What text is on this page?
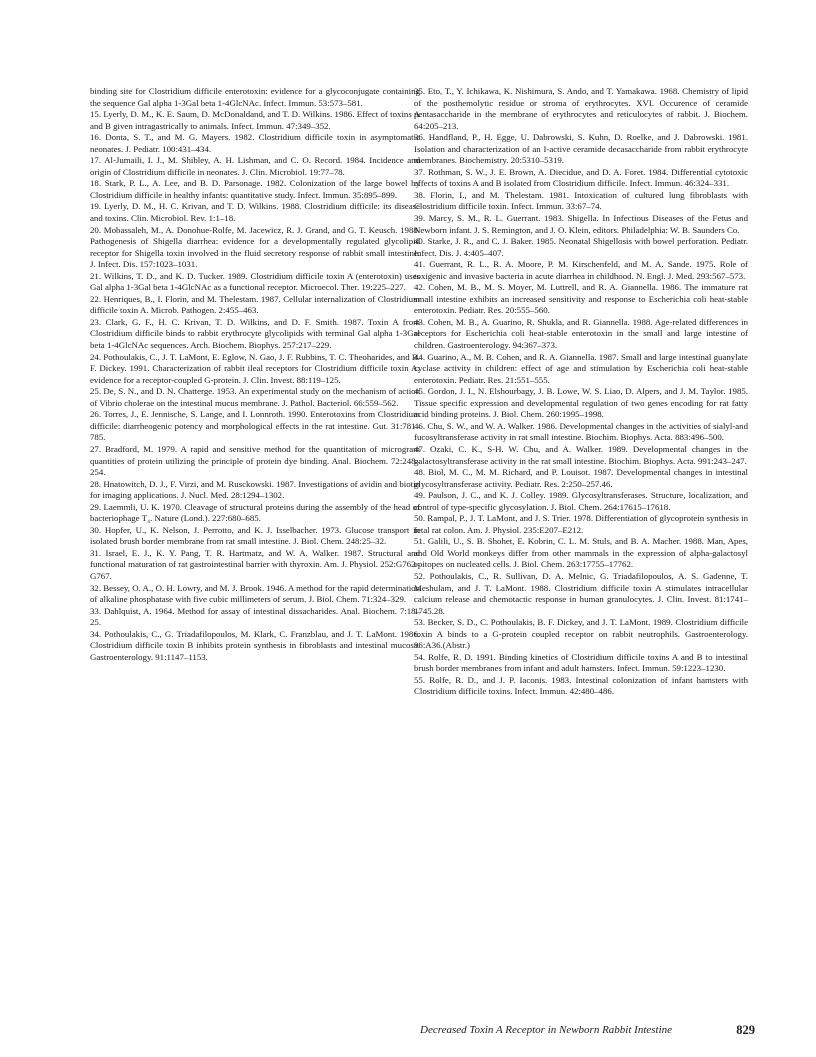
binding site for Clostridium difficile enterotoxin: evidence for a glycoconjugate containing the sequence Gal alpha 1-3Gal beta 1-4GlcNAc. Infect. Immun. 53:573–581.

15. Lyerly, D. M., K. E. Saum, D. McDonaldand, and T. D. Wilkins. 1986. Effect of toxins A and B given intragastrically to animals. Infect. Immun. 47:349–352.

16. Donta, S. T., and M. G. Mayers. 1982. Clostridium difficile toxin in asymptomatic neonates. J. Pediatr. 100:431–434.

17. Al-Jumaili, I. J., M. Shibley, A. H. Lishman, and C. O. Record. 1984. Incidence and origin of Clostridium difficile in neonates. J. Clin. Microbiol. 19:77–78.

18. Stark, P. L., A. Lee, and B. D. Parsonage. 1982. Colonization of the large bowel by Clostridium difficile in healthy infants: quantitative study. Infect. Immun. 35:895–899.

19. Lyerly, D. M., H. C. Krivan, and T. D. Wilkins. 1988. Clostridium difficile: its disease and toxins. Clin. Microbiol. Rev. 1:1–18.

20. Mobassaleh, M., A. Donohue-Rolfe, M. Jacewicz, R. J. Grand, and G. T. Keusch. 1988. Pathogenesis of Shigella diarrhea: evidence for a developmentally regulated glycolipid receptor for Shigella toxin involved in the fluid secretory response of rabbit small intestine. J. Infect. Dis. 157:1023–1031.

21. Wilkins, T. D., and K. D. Tucker. 1989. Clostridium difficile toxin A (enterotoxin) uses Gal alpha 1-3Gal beta 1-4GlcNAc as a functional receptor. Microecol. Ther. 19:225–227.

22. Henriques, B., I. Florin, and M. Thelestam. 1987. Cellular internalization of Clostridium difficile toxin A. Microb. Pathogen. 2:455–463.

23. Clark, G. F., H. C. Krivan, T. D. Wilkins, and D. F. Smith. 1987. Toxin A from Clostridium difficile binds to rabbit erythrocyte glycolipids with terminal Gal alpha 1-3Gal beta 1-4GlcNAc sequences. Arch. Biochem. Biophys. 257:217–229.

24. Pothoulakis, C., J. T. LaMont, E. Eglow, N. Gao, J. F. Rubbins, T. C. Theoharides, and B. F. Dickey. 1991. Characterization of rabbit ileal receptors for Clostridium difficile toxin A: evidence for a receptor-coupled G-protein. J. Clin. Invest. 88:119–125.

25. De, S. N., and D. N. Chatterge. 1953. An experimental study on the mechanism of action of Vibrio cholerae on the intestinal mucus membrane. J. Pathol. Bacteriol. 66:559–562.

26. Torres, J., E. Jennische, S. Lange, and I. Lonnroth. 1990. Enterotoxins from Clostridium difficile: diarrheogenic potency and morphological effects in the rat intestine. Gut. 31:781–785.

27. Bradford, M. 1979. A rapid and sensitive method for the quantitation of microgram quantities of protein utilizing the principle of protein dye binding. Anal. Biochem. 72:248–254.

28. Hnatowitch, D. J., F. Virzi, and M. Rusckowski. 1987. Investigations of avidin and biotin for imaging applications. J. Nucl. Med. 28:1294–1302.

29. Laemmli, U. K. 1970. Cleavage of structural proteins during the assembly of the head of bacteriophage T₄. Nature (Lond.). 227:680–685.

30. Hopfer, U., K. Nelson, J. Perrotto, and K. J. Isselbacher. 1973. Glucose transport in isolated brush border membrane from rat small intestine. J. Biol. Chem. 248:25–32.

31. Israel, E. J., K. Y. Pang, T. R. Hartmatz, and W. A. Walker. 1987. Structural and functional maturation of rat gastrointestinal barrier with thyroxin. Am. J. Physiol. 252:G762–G767.

32. Bessey, O. A., O. H. Lowry, and M. J. Brook. 1946. A method for the rapid determination of alkaline phosphatase with five cubic millimeters of serum. J. Biol. Chem. 71:324–329.

33. Dahlquist, A. 1964. Method for assay of intestinal dissacharides. Anal. Biochem. 7:18–25.

34. Pothoulakis, C., G. Triadafilopoulos, M. Klark, C. Franzblau, and J. T. LaMont. 1986. Clostridium difficile toxin B inhibits protein synthesis in fibroblasts and intestinal mucosa. Gastroenterology. 91:1147–1153.

35. Eto, T., Y. Ichikawa, K. Nishimura, S. Ando, and T. Yamakawa. 1968. Chemistry of lipid of the posthemolytic residue or stroma of erythrocytes. XVI. Occurence of ceramide pentasaccharide in the membrane of erythrocytes and reticulocytes of rabbit. J. Biochem. 64:205–213.

36. Handfland, P., H. Egge, U. Dabrowski, S. Kuhn, D. Roelke, and J. Dabrowski. 1981. Isolation and characterization of an I-active ceramide decasaccharide from rabbit erythrocyte membranes. Biochemistry. 20:5310–5319.

37. Rothman, S. W., J. E. Brown, A. Diecidue, and D. A. Foret. 1984. Differential cytotoxic effects of toxins A and B isolated from Clostridium difficile. Infect. Immun. 46:324–331.

38. Florin, I., and M. Thelestam. 1981. Intoxication of cultured lung fibroblasts with Clostridium difficile toxin. Infect. Immun. 33:67–74.

39. Marcy, S. M., R. L. Guerrant. 1983. Shigella. In Infectious Diseases of the Fetus and Newborn infant. J. S. Remington, and J. O. Klein, editors. Philadelphia: W. B. Saunders Co.

40. Starke, J. R., and C. J. Baker. 1985. Neonatal Shigellosis with bowel perforation. Pediatr. Infect. Dis. J. 4:405–407.

41. Guerrant, R. L., R. A. Moore, P. M. Kirschenfeld, and M. A. Sande. 1975. Role of toxigenic and invasive bacteria in acute diarrhea in childhood. N. Engl. J. Med. 293:567–573.

42. Cohen, M. B., M. S. Moyer, M. Luttrell, and R. A. Giannella. 1986. The immature rat small intestine exhibits an increased sensitivity and response to Escherichia coli heat-stable enterotoxin. Pediatr. Res. 20:555–560.

43. Cohen, M. B., A. Guarino, R. Shukla, and R. Giannella. 1988. Age-related differences in receptors for Escherichia coli heat-stable enterotoxin in the small and large intestine of children. Gastroenterology. 94:367–373.

44. Guarino, A., M. B. Cohen, and R. A. Giannella. 1987. Small and large intestinal guanylate cyclase activity in children: effect of age and stimulation by Escherichia coli heat-stable enterotoxin. Pediatr. Res. 21:551–555.

45. Gordon, J. I., N. Elshourbagy, J. B. Lowe, W. S. Liao, D. Alpers, and J. M. Taylor. 1985. Tissue specific expression and developmental regulation of two genes encoding for rat fatty acid binding proteins. J. Biol. Chem. 260:1995–1998.

46. Chu, S. W., and W. A. Walker. 1986. Developmental changes in the activities of sialyl-and fucosyltransferase activity in rat small intestine. Biochim. Biophys. Acta. 883:496–500.

47. Ozaki, C. K., S-H. W. Chu, and A. Walker. 1989. Developmental changes in the galactosyltransferase activity in the rat small intestine. Biochim. Biophys. Acta. 991:243–247.

48. Biol, M. C., M. M. Richard, and P. Louisot. 1987. Developmental changes in intestinal glycosyltransferase activity. Pediatr. Res. 2:250–257.46.

49. Paulson, J. C., and K. J. Colley. 1989. Glycosyltransferases. Structure, localization, and control of type-specific glycosylation. J. Biol. Chem. 264:17615–17618.

50. Rampal, P., J. T. LaMont, and J. S. Trier. 1978. Differentiation of glycoprotein synthesis in fetal rat colon. Am. J. Physiol. 235:E207–E212.

51. Galili, U., S. B. Shohet, E. Kobrin, C. L. M. Stuls, and B. A. Macher. 1988. Man, Apes, and Old World monkeys differ from other mammals in the expression of alpha-galactosyl epitopes on nucleated cells. J. Biol. Chem. 263:17755–17762.

52. Pothoulakis, C., R. Sullivan, D. A. Melnic, G. Triadafilopoulos, A. S. Gadenne, T. Meshulam, and J. T. LaMont. 1988. Clostridium difficile toxin A stimulates intracellular calcium release and chemotactic response in human granulocytes. J. Clin. Invest. 81:1741–1745.28.

53. Becker, S. D., C. Pothoulakis, B. F. Dickey, and J. T. LaMont. 1989. Clostridium difficile toxin A binds to a G-protein coupled receptor on rabbit neutrophils. Gastroenterology. 96:A36.(Abstr.)

54. Rolfe, R. D. 1991. Binding kinetics of Clostridium difficile toxins A and B to intestinal brush border membranes from infant and adult hamsters. Infect. Immun. 59:1223–1230.

55. Rolfe, R. D., and J. P. Iaconis. 1983. Intestinal colonization of infant hamsters with Clostridium difficile toxins. Infect. Immun. 42:480–486.

Decreased Toxin A Receptor in Newborn Rabbit Intestine	829
